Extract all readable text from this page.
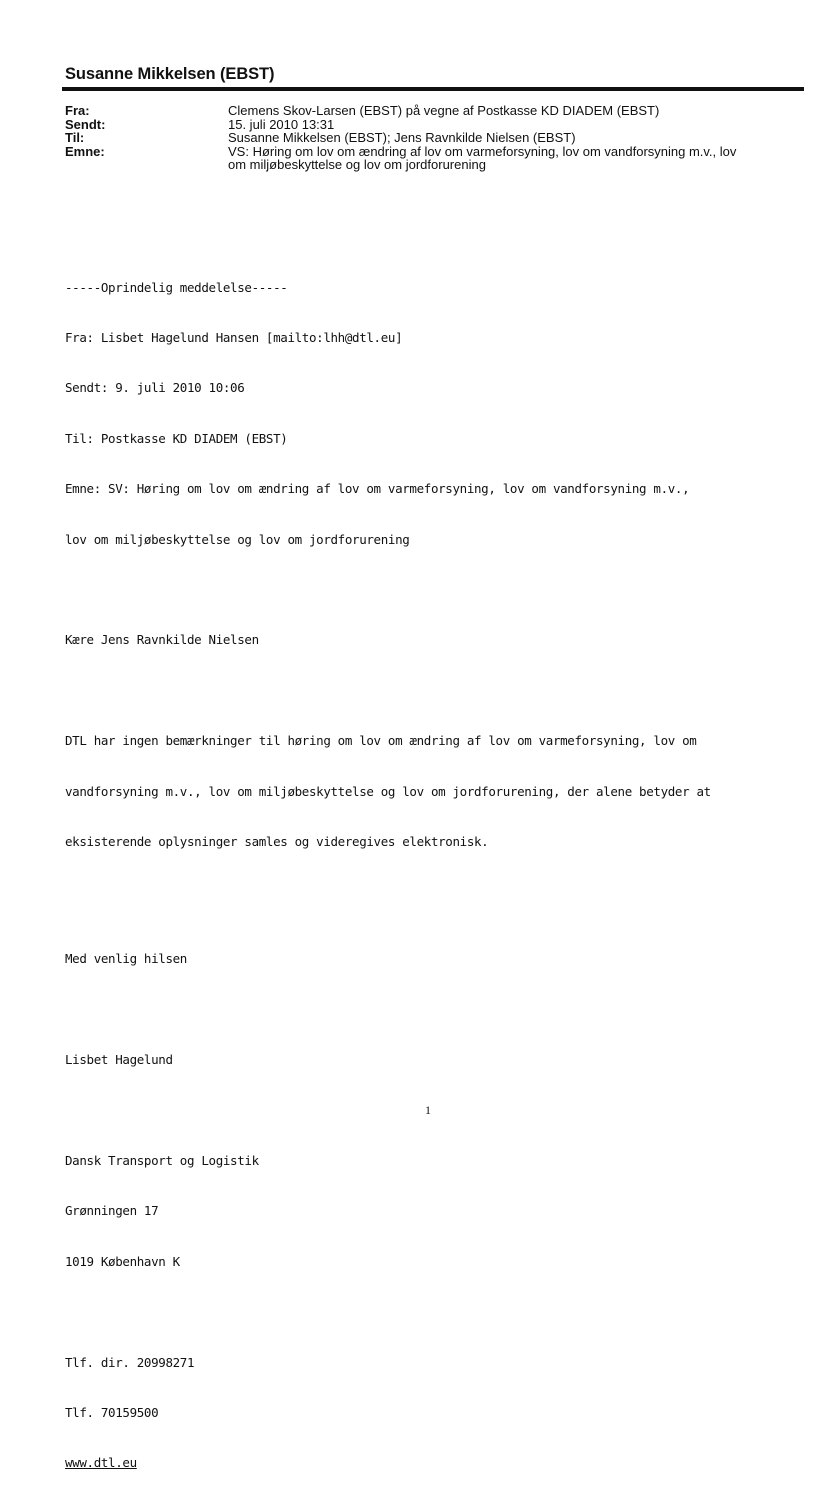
Susanne Mikkelsen (EBST)
Fra:	Clemens Skov-Larsen (EBST) på vegne af Postkasse KD DIADEM (EBST)
Sendt:	15. juli 2010 13:31
Til:	Susanne Mikkelsen (EBST); Jens Ravnkilde Nielsen (EBST)
Emne:	VS: Høring om lov om ændring af lov om varmeforsyning, lov om vandforsyning m.v., lov
om miljøbeskyttelse og lov om jordforurening

-----Oprindelig meddelelse-----

Fra: Lisbet Hagelund Hansen [mailto:lhh@dtl.eu]

Sendt: 9. juli 2010 10:06

Til: Postkasse KD DIADEM (EBST)

Emne: SV: Høring om lov om ændring af lov om varmeforsyning, lov om vandforsyning m.v.,

lov om miljøbeskyttelse og lov om jordforurening

Kære Jens Ravnkilde Nielsen

DTL har ingen bemærkninger til høring om lov om ændring af lov om varmeforsyning, lov om

vandforsyning m.v., lov om miljøbeskyttelse og lov om jordforurening, der alene betyder at

eksisterende oplysninger samles og videregives elektronisk.

Med venlig hilsen

Lisbet Hagelund

Dansk Transport og Logistik

Grønningen 17

1019 København K

Tlf. dir. 20998271

Tlf. 70159500

www.dtl.eu

1
